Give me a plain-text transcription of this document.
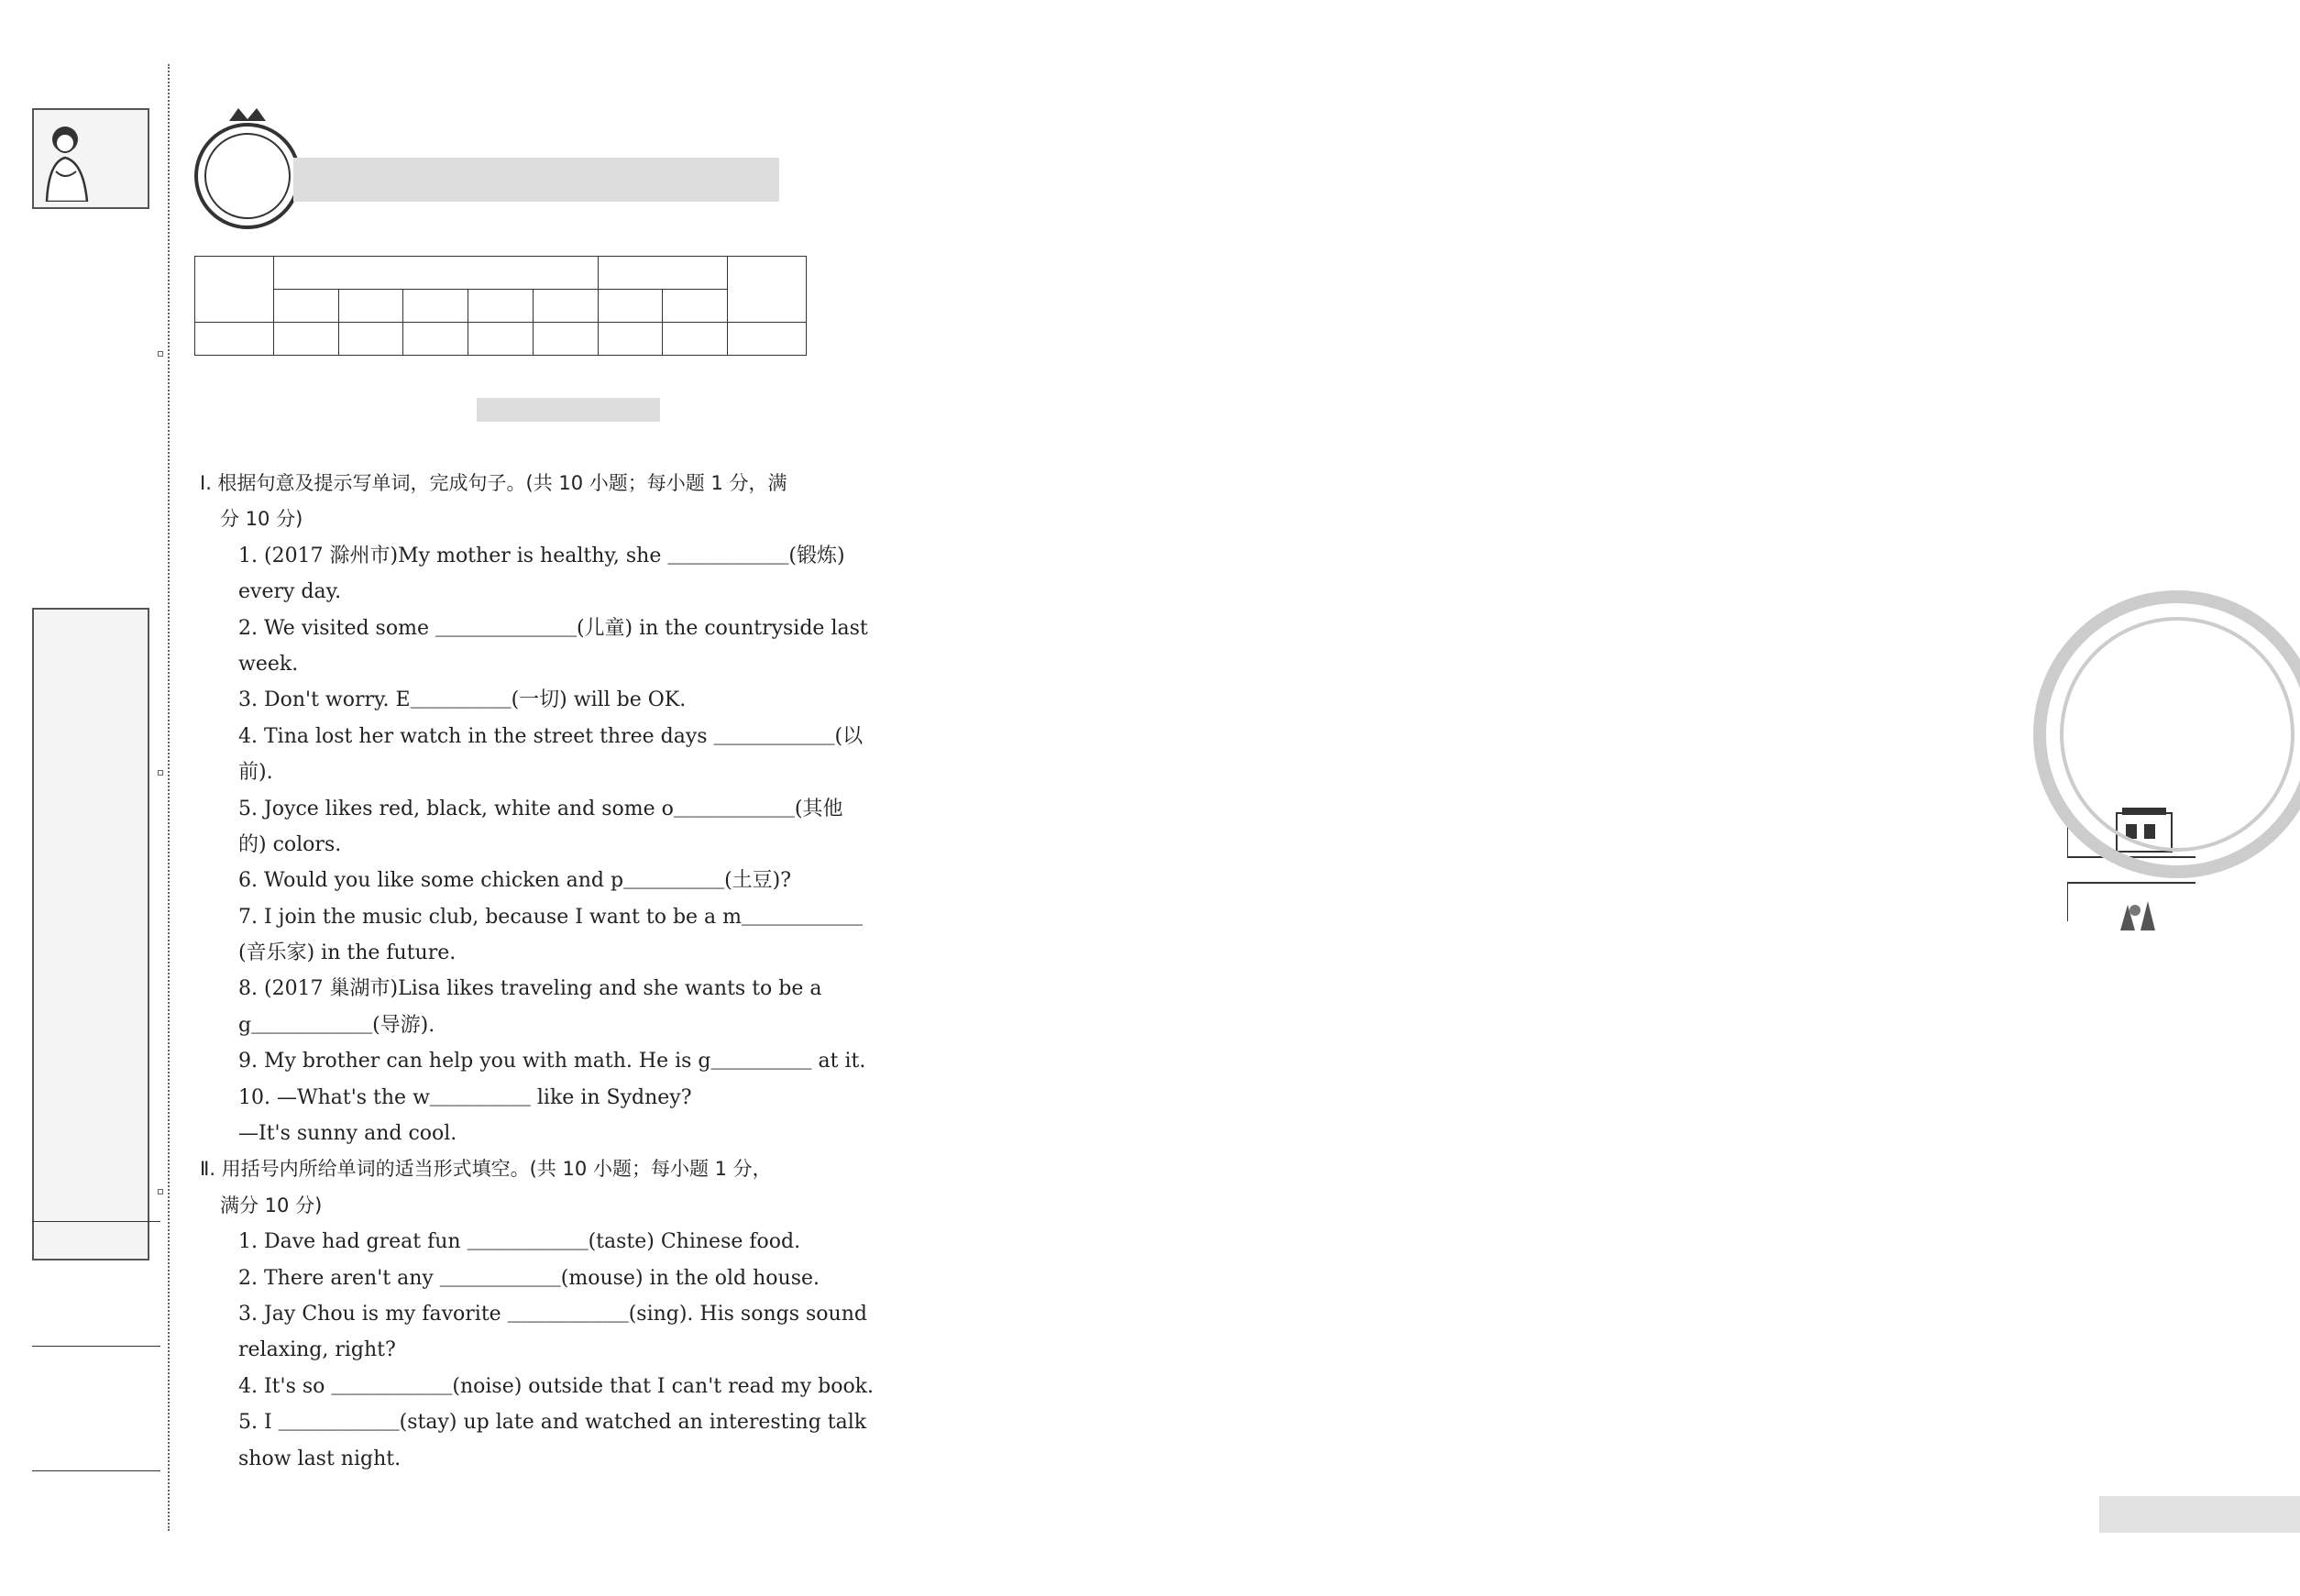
Ⅰ. 根据句意及提示写单词，完成句子。(共 10 小题；每小题 1 分，满
分 10 分)
1. (2017 滁州市)My mother is healthy, she ＿＿＿＿＿＿(锻炼)
every day.
2. We visited some ＿＿＿＿＿＿＿(儿童) in the countryside last
week.
3. Don't worry. E＿＿＿＿＿(一切) will be OK.
4. Tina lost her watch in the street three days ＿＿＿＿＿＿(以
前).
5. Joyce likes red, black, white and some o＿＿＿＿＿＿(其他
的) colors.
6. Would you like some chicken and p＿＿＿＿＿(土豆)?
7. I join the music club, because I want to be a m＿＿＿＿＿＿
(音乐家) in the future.
8. (2017 巢湖市)Lisa likes traveling and she wants to be a
g＿＿＿＿＿＿(导游).
9. My brother can help you with math. He is g＿＿＿＿＿ at it.
10. —What's the w＿＿＿＿＿ like in Sydney?
—It's sunny and cool.
Ⅱ. 用括号内所给单词的适当形式填空。(共 10 小题；每小题 1 分，
满分 10 分)
1. Dave had great fun ＿＿＿＿＿＿(taste) Chinese food.
2. There aren't any ＿＿＿＿＿＿(mouse) in the old house.
3. Jay Chou is my favorite ＿＿＿＿＿＿(sing). His songs sound
relaxing, right?
4. It's so ＿＿＿＿＿＿(noise) outside that I can't read my book.
5. I ＿＿＿＿＿＿(stay) up late and watched an interesting talk
show last night.
